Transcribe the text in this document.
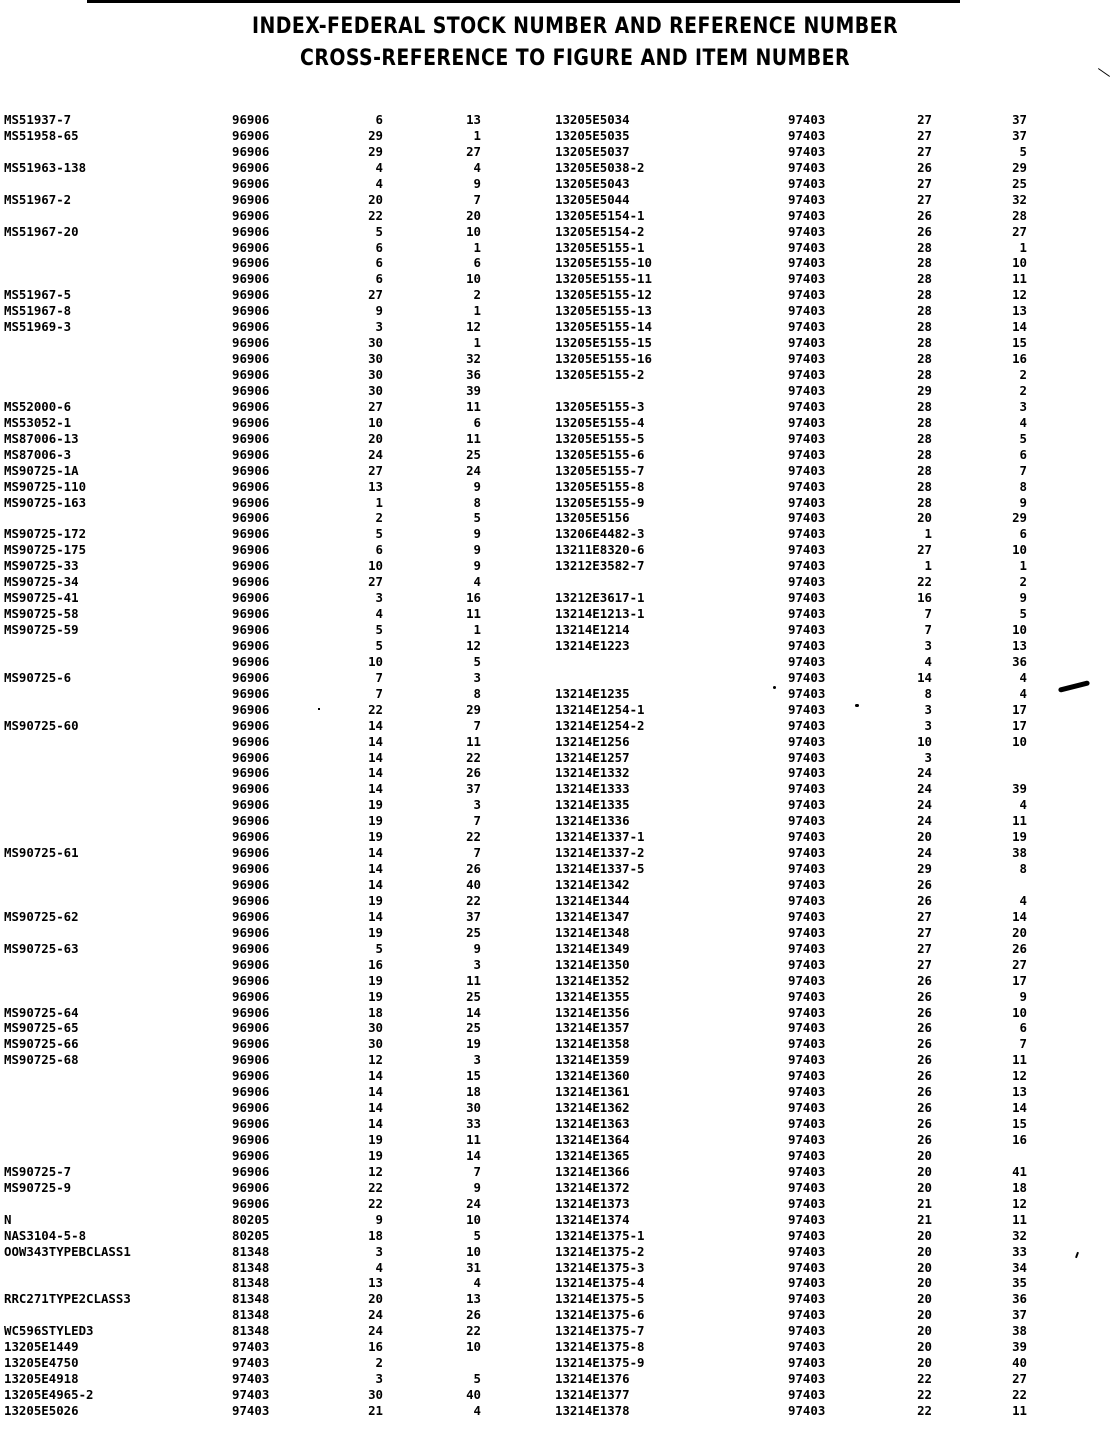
INDEX-FEDERAL STOCK NUMBER AND REFERENCE NUMBER
CROSS-REFERENCE TO FIGURE AND ITEM NUMBER
MS51937-7	96906	6	13
MS51958-65	96906	29	1
96906	29	27
MS51963-138	96906	4	4
96906	4	9
MS51967-2	96906	20	7
96906	22	20
MS51967-20	96906	5	10
96906	6	1
96906	6	6
96906	6	10
MS51967-5	96906	27	2
MS51967-8	96906	9	1
MS51969-3	96906	3	12
96906	30	1
96906	30	32
96906	30	36
96906	30	39
MS52000-6	96906	27	11
MS53052-1	96906	10	6
MS87006-13	96906	20	11
MS87006-3	96906	24	25
MS90725-1A	96906	27	24
MS90725-110	96906	13	9
MS90725-163	96906	1	8
96906	2	5
MS90725-172	96906	5	9
MS90725-175	96906	6	9
MS90725-33	96906	10	9
MS90725-34	96906	27	4
MS90725-41	96906	3	16
MS90725-58	96906	4	11
MS90725-59	96906	5	1
96906	5	12
96906	10	5
MS90725-6	96906	7	3
96906	7	8
96906	22	29
MS90725-60	96906	14	7
96906	14	11
96906	14	22
96906	14	26
96906	14	37
96906	19	3
96906	19	7
96906	19	22
MS90725-61	96906	14	7
96906	14	26
96906	14	40
96906	19	22
MS90725-62	96906	14	37
96906	19	25
MS90725-63	96906	5	9
96906	16	3
96906	19	11
96906	19	25
MS90725-64	96906	18	14
MS90725-65	96906	30	25
MS90725-66	96906	30	19
MS90725-68	96906	12	3
96906	14	15
96906	14	18
96906	14	30
96906	14	33
96906	19	11
96906	19	14
MS90725-7	96906	12	7
MS90725-9	96906	22	9
96906	22	24
N	80205	9	10
NAS3104-5-8	80205	18	5
OOW343TYPEBCLASS1	81348	3	10
81348	4	31
81348	13	4
RRC271TYPE2CLASS3	81348	20	13
81348	24	26
WC596STYLED3	81348	24	22
13205E1449	97403	16	10
13205E4750	97403	2
13205E4918	97403	3	5
13205E4965-2	97403	30	40
13205E5026	97403	21	4
13205E5034	97403	27	37
13205E5035	97403	27	37
13205E5037	97403	27	5
13205E5038-2	97403	26	29
13205E5043	97403	27	25
13205E5044	97403	27	32
13205E5154-1	97403	26	28
13205E5154-2	97403	26	27
13205E5155-1	97403	28	1
13205E5155-10	97403	28	10
13205E5155-11	97403	28	11
13205E5155-12	97403	28	12
13205E5155-13	97403	28	13
13205E5155-14	97403	28	14
13205E5155-15	97403	28	15
13205E5155-16	97403	28	16
13205E5155-2	97403	28	2
97403	29	2
13205E5155-3	97403	28	3
13205E5155-4	97403	28	4
13205E5155-5	97403	28	5
13205E5155-6	97403	28	6
13205E5155-7	97403	28	7
13205E5155-8	97403	28	8
13205E5155-9	97403	28	9
13205E5156	97403	20	29
13206E4482-3	97403	1	6
13211E8320-6	97403	27	10
13212E3582-7	97403	1	1
97403	22	2
13212E3617-1	97403	16	9
13214E1213-1	97403	7	5
13214E1214	97403	7	10
13214E1223	97403	3	13
97403	4	36
97403	14	4
13214E1235	97403	8	4
13214E1254-1	97403	3	17
13214E1254-2	97403	3	17
13214E1256	97403	10	10
13214E1257	97403	3
13214E1332	97403	24
13214E1333	97403	24	39
13214E1335	97403	24	4
13214E1336	97403	24	11
13214E1337-1	97403	20	19
13214E1337-2	97403	24	38
13214E1337-5	97403	29	8
13214E1342	97403	26
13214E1344	97403	26	4
13214E1347	97403	27	14
13214E1348	97403	27	20
13214E1349	97403	27	26
13214E1350	97403	27	27
13214E1352	97403	26	17
13214E1355	97403	26	9
13214E1356	97403	26	10
13214E1357	97403	26	6
13214E1358	97403	26	7
13214E1359	97403	26	11
13214E1360	97403	26	12
13214E1361	97403	26	13
13214E1362	97403	26	14
13214E1363	97403	26	15
13214E1364	97403	26	16
13214E1365	97403	20
13214E1366	97403	20	41
13214E1372	97403	20	18
13214E1373	97403	21	12
13214E1374	97403	21	11
13214E1375-1	97403	20	32
13214E1375-2	97403	20	33
13214E1375-3	97403	20	34
13214E1375-4	97403	20	35
13214E1375-5	97403	20	36
13214E1375-6	97403	20	37
13214E1375-7	97403	20	38
13214E1375-8	97403	20	39
13214E1375-9	97403	20	40
13214E1376	97403	22	27
13214E1377	97403	22	22
13214E1378	97403	22	11
